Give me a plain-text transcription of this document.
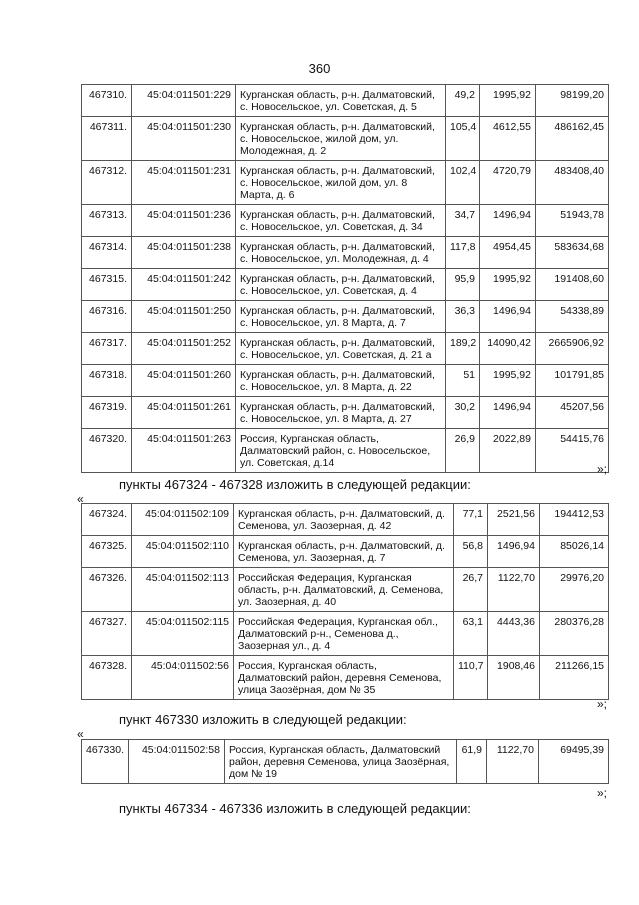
360
467310.	45:04:011501:229	Курганская область, р-н. Далматовский, с. Новосельское, ул. Советская, д. 5	49,2	1995,92	98199,20
467311.	45:04:011501:230	Курганская область, р-н. Далматовский, с. Новосельское, жилой дом, ул. Молодежная, д. 2	105,4	4612,55	486162,45
467312.	45:04:011501:231	Курганская область, р-н. Далматовский, с. Новосельское, жилой дом, ул. 8 Марта, д. 6	102,4	4720,79	483408,40
467313.	45:04:011501:236	Курганская область, р-н. Далматовский, с. Новосельское, ул. Советская, д. 34	34,7	1496,94	51943,78
467314.	45:04:011501:238	Курганская область, р-н. Далматовский, с. Новосельское, ул. Молодежная, д. 4	117,8	4954,45	583634,68
467315.	45:04:011501:242	Курганская область, р-н. Далматовский, с. Новосельское, ул. Советская, д. 4	95,9	1995,92	191408,60
467316.	45:04:011501:250	Курганская область, р-н. Далматовский, с. Новосельское, ул. 8 Марта, д. 7	36,3	1496,94	54338,89
467317.	45:04:011501:252	Курганская область, р-н. Далматовский, с. Новосельское, ул. Советская, д. 21 а	189,2	14090,42	2665906,92
467318.	45:04:011501:260	Курганская область, р-н. Далматовский, с. Новосельское, ул. 8 Марта, д. 22	51	1995,92	101791,85
467319.	45:04:011501:261	Курганская область, р-н. Далматовский, с. Новосельское, ул. 8 Марта, д. 27	30,2	1496,94	45207,56
467320.	45:04:011501:263	Россия, Курганская область, Далматовский район, с. Новосельское, ул. Советская, д.14	26,9	2022,89	54415,76
»;
пункты 467324 - 467328 изложить в следующей редакции:
«
467324.	45:04:011502:109	Курганская область, р-н. Далматовский, д. Семенова, ул. Заозерная, д. 42	77,1	2521,56	194412,53
467325.	45:04:011502:110	Курганская область, р-н. Далматовский, д. Семенова, ул. Заозерная, д. 7	56,8	1496,94	85026,14
467326.	45:04:011502:113	Российская Федерация, Курганская область, р-н. Далматовский, д. Семенова, ул. Заозерная, д. 40	26,7	1122,70	29976,20
467327.	45:04:011502:115	Российская Федерация, Курганская обл., Далматовский р-н., Семенова д., Заозерная ул., д. 4	63,1	4443,36	280376,28
467328.	45:04:011502:56	Россия, Курганская область, Далматовский район, деревня Семенова, улица Заозёрная, дом № 35	110,7	1908,46	211266,15
»;
пункт 467330 изложить в следующей редакции:
«
467330.	45:04:011502:58	Россия, Курганская область, Далматовский район, деревня Семенова, улица Заозёрная, дом № 19	61,9	1122,70	69495,39
»;
пункты 467334 - 467336 изложить в следующей редакции:
